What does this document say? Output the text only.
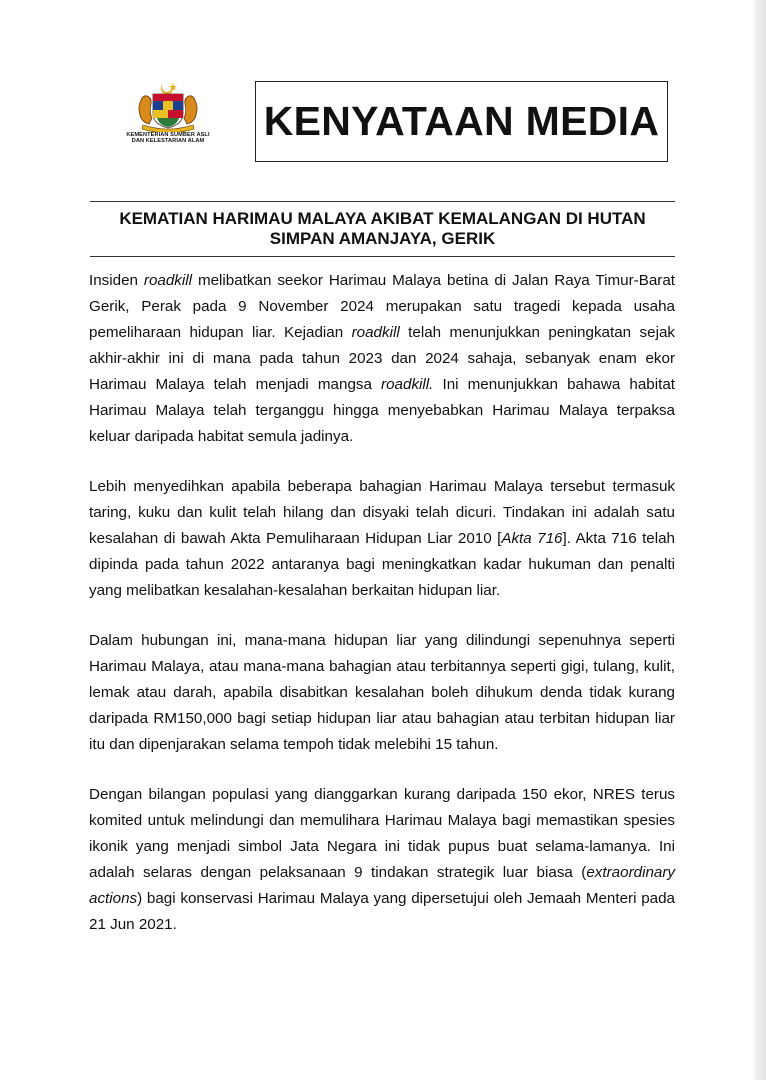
KEMENTERIAN SUMBER ASLI
DAN KELESTARIAN ALAM	KENYATAAN MEDIA
KEMATIAN HARIMAU MALAYA AKIBAT KEMALANGAN DI HUTAN
SIMPAN AMANJAYA, GERIK

Insiden roadkill melibatkan seekor Harimau Malaya betina di Jalan Raya Timur-Barat Gerik, Perak pada 9 November 2024 merupakan satu tragedi kepada usaha pemeliharaan hidupan liar. Kejadian roadkill telah menunjukkan peningkatan sejak akhir-akhir ini di mana pada tahun 2023 dan 2024 sahaja, sebanyak enam ekor Harimau Malaya telah menjadi mangsa roadkill. Ini menunjukkan bahawa habitat Harimau Malaya telah terganggu hingga menyebabkan Harimau Malaya terpaksa keluar daripada habitat semula jadinya.

Lebih menyedihkan apabila beberapa bahagian Harimau Malaya tersebut termasuk taring, kuku dan kulit telah hilang dan disyaki telah dicuri. Tindakan ini adalah satu kesalahan di bawah Akta Pemuliharaan Hidupan Liar 2010 [Akta 716]. Akta 716 telah dipinda pada tahun 2022 antaranya bagi meningkatkan kadar hukuman dan penalti yang melibatkan kesalahan-kesalahan berkaitan hidupan liar.

Dalam hubungan ini, mana-mana hidupan liar yang dilindungi sepenuhnya seperti Harimau Malaya, atau mana-mana bahagian atau terbitannya seperti gigi, tulang, kulit, lemak atau darah, apabila disabitkan kesalahan boleh dihukum denda tidak kurang daripada RM150,000 bagi setiap hidupan liar atau bahagian atau terbitan hidupan liar itu dan dipenjarakan selama tempoh tidak melebihi 15 tahun.

Dengan bilangan populasi yang dianggarkan kurang daripada 150 ekor, NRES terus komited untuk melindungi dan memulihara Harimau Malaya bagi memastikan spesies ikonik yang menjadi simbol Jata Negara ini tidak pupus buat selama-lamanya. Ini adalah selaras dengan pelaksanaan 9 tindakan strategik luar biasa (extraordinary actions) bagi konservasi Harimau Malaya yang dipersetujui oleh Jemaah Menteri pada 21 Jun 2021.
